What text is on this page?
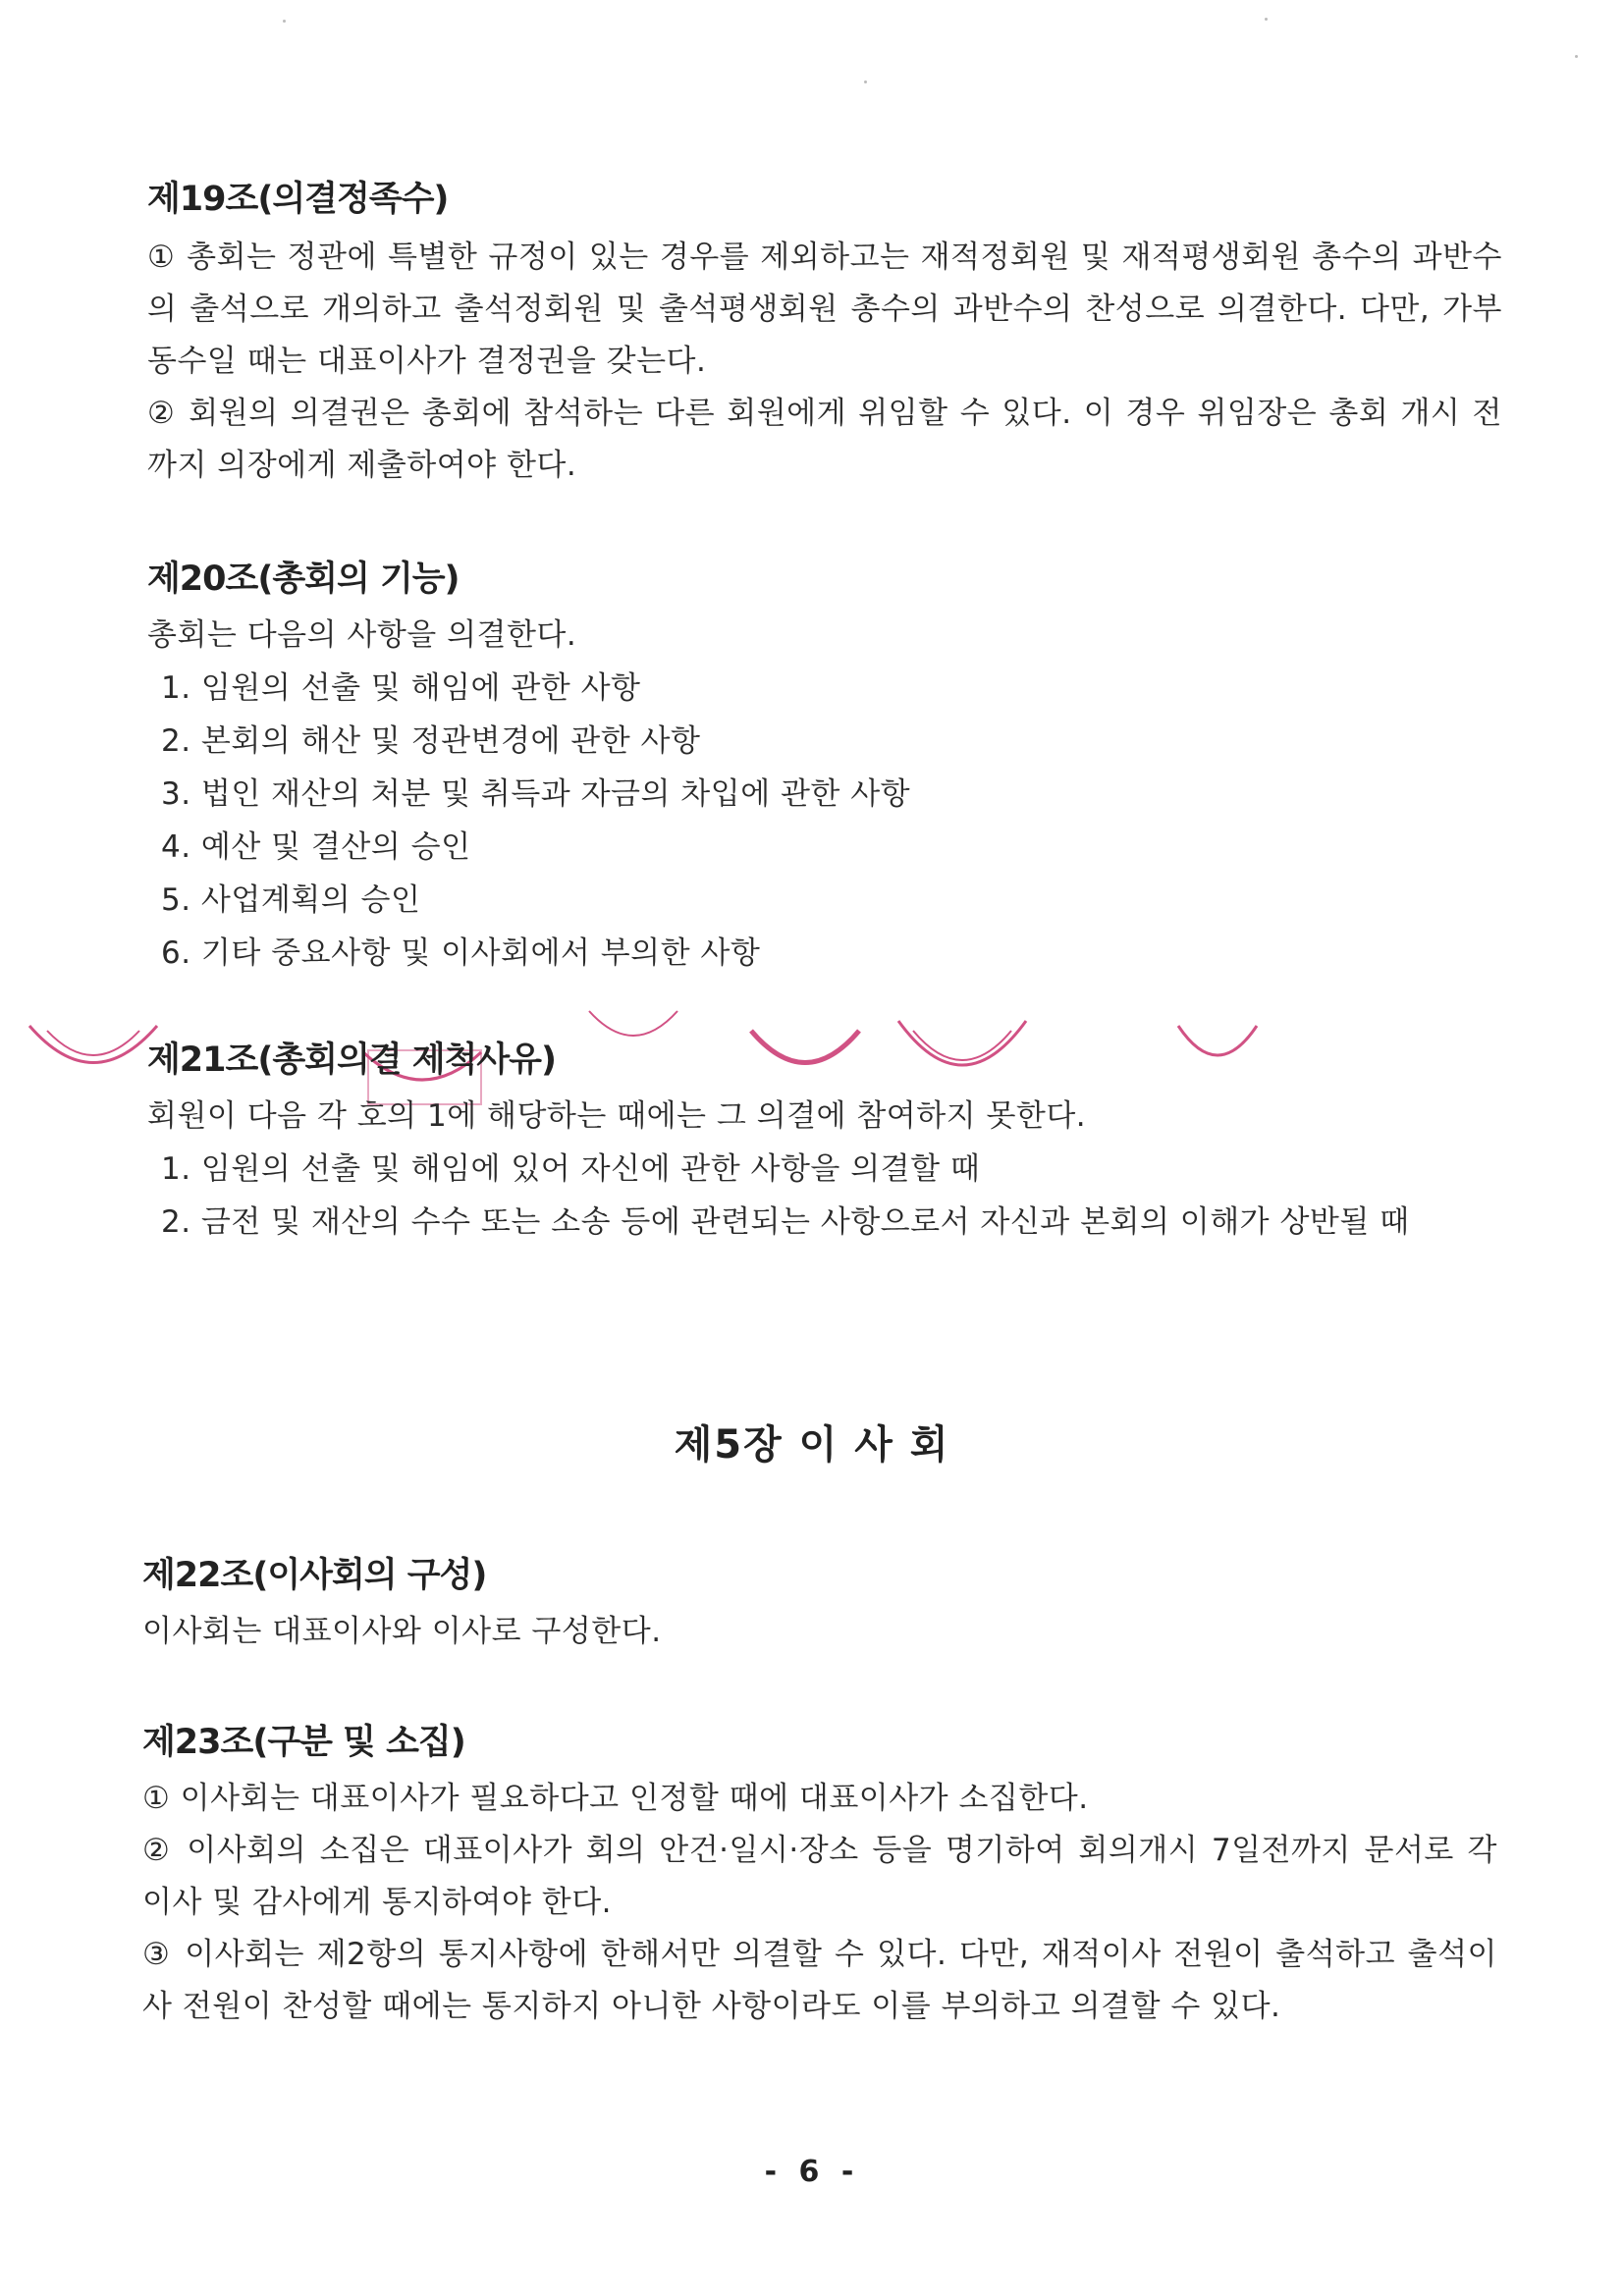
제19조(의결정족수)

① 총회는 정관에 특별한 규정이 있는 경우를 제외하고는 재적정회원 및 재적평생회원 총수의 과반수의 출석으로 개의하고 출석정회원 및 출석평생회원 총수의 과반수의 찬성으로 의결한다. 다만, 가부동수일 때는 대표이사가 결정권을 갖는다.

② 회원의 의결권은 총회에 참석하는 다른 회원에게 위임할 수 있다. 이 경우 위임장은 총회 개시 전까지 의장에게 제출하여야 한다.

제20조(총회의 기능)

총회는 다음의 사항을 의결한다.

1. 임원의 선출 및 해임에 관한 사항
2. 본회의 해산 및 정관변경에 관한 사항
3. 법인 재산의 처분 및 취득과 자금의 차입에 관한 사항
4. 예산 및 결산의 승인
5. 사업계획의 승인
6. 기타 중요사항 및 이사회에서 부의한 사항
제21조(총회의결 제척사유)

회원이 다음 각 호의 1에 해당하는 때에는 그 의결에 참여하지 못한다.

1. 임원의 선출 및 해임에 있어 자신에 관한 사항을 의결할 때
2. 금전 및 재산의 수수 또는 소송 등에 관련되는 사항으로서 자신과 본회의 이해가 상반될 때
제5장 이 사 회
제22조(이사회의 구성)

이사회는 대표이사와 이사로 구성한다.

제23조(구분 및 소집)

① 이사회는 대표이사가 필요하다고 인정할 때에 대표이사가 소집한다.

② 이사회의 소집은 대표이사가 회의 안건·일시·장소 등을 명기하여 회의개시 7일전까지 문서로 각 이사 및 감사에게 통지하여야 한다.

③ 이사회는 제2항의 통지사항에 한해서만 의결할 수 있다. 다만, 재적이사 전원이 출석하고 출석이사 전원이 찬성할 때에는 통지하지 아니한 사항이라도 이를 부의하고 의결할 수 있다.

- 6 -
